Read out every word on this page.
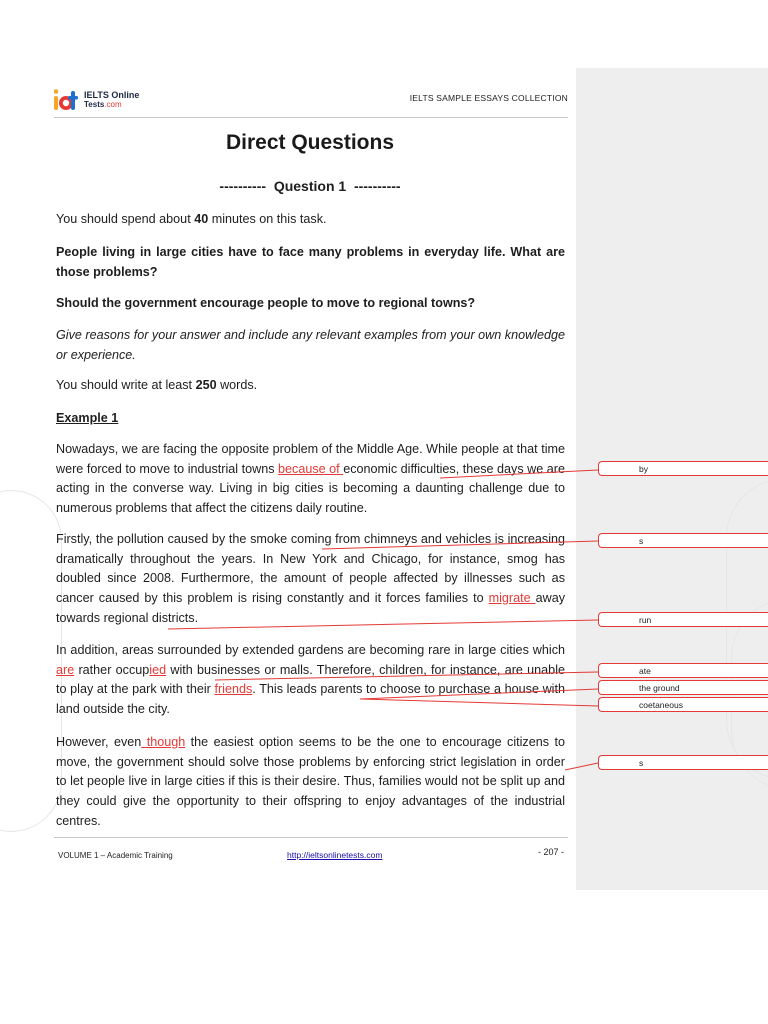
IELTS Online
Tests.com
IELTS SAMPLE ESSAYS COLLECTION
Direct Questions
----------  Question 1  ----------
You should spend about 40 minutes on this task.
People living in large cities have to face many problems in everyday life. What are those problems?
Should the government encourage people to move to regional towns?
Give reasons for your answer and include any relevant examples from your own knowledge or experience.
You should write at least 250 words.
Example 1
Nowadays, we are facing the opposite problem of the Middle Age. While people at that time were forced to move to industrial towns because of economic difficulties, these days we are acting in the converse way. Living in big cities is becoming a daunting challenge due to numerous problems that affect the citizens daily routine.
Firstly, the pollution caused by the smoke coming from chimneys and vehicles is increasing dramatically throughout the years. In New York and Chicago, for instance, smog has doubled since 2008. Furthermore, the amount of people affected by illnesses such as cancer caused by this problem is rising constantly and it forces families to migrate away towards regional districts.
In addition, areas surrounded by extended gardens are becoming rare in large cities which are rather occupied with businesses or malls. Therefore, children, for instance, are unable to play at the park with their friends. This leads parents to choose to purchase a house with land outside the city.
However, even though the easiest option seems to be the one to encourage citizens to move, the government should solve those problems by enforcing strict legislation in order to let people live in large cities if this is their desire. Thus, families would not be split up and they could give the opportunity to their offspring to enjoy advantages of the industrial centres.
by
s
run
ate
the ground
coetaneous
s
VOLUME 1 – Academic Training	http://ieltsonlinetests.com	- 207 -
